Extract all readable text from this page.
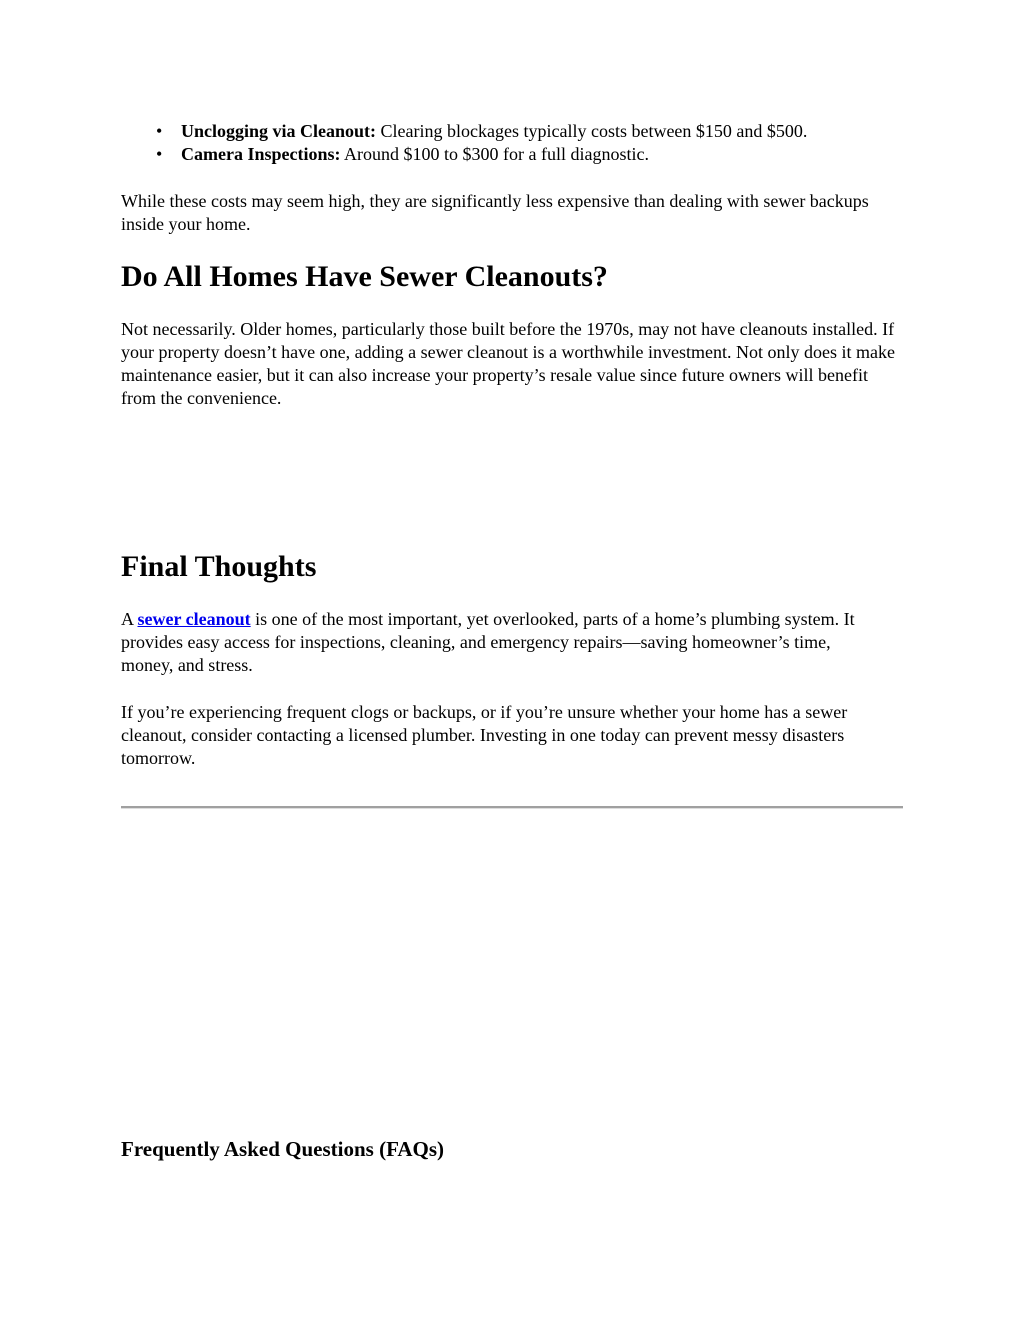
• Unclogging via Cleanout: Clearing blockages typically costs between $150 and $500.
• Camera Inspections: Around $100 to $300 for a full diagnostic.

While these costs may seem high, they are significantly less expensive than dealing with sewer backups inside your home.

Do All Homes Have Sewer Cleanouts?

Not necessarily. Older homes, particularly those built before the 1970s, may not have cleanouts installed. If your property doesn’t have one, adding a sewer cleanout is a worthwhile investment. Not only does it make maintenance easier, but it can also increase your property’s resale value since future owners will benefit from the convenience.

Final Thoughts

A sewer cleanout is one of the most important, yet overlooked, parts of a home’s plumbing system. It provides easy access for inspections, cleaning, and emergency repairs—saving homeowner’s time, money, and stress.

If you’re experiencing frequent clogs or backups, or if you’re unsure whether your home has a sewer cleanout, consider contacting a licensed plumber. Investing in one today can prevent messy disasters tomorrow.

Frequently Asked Questions (FAQs)
